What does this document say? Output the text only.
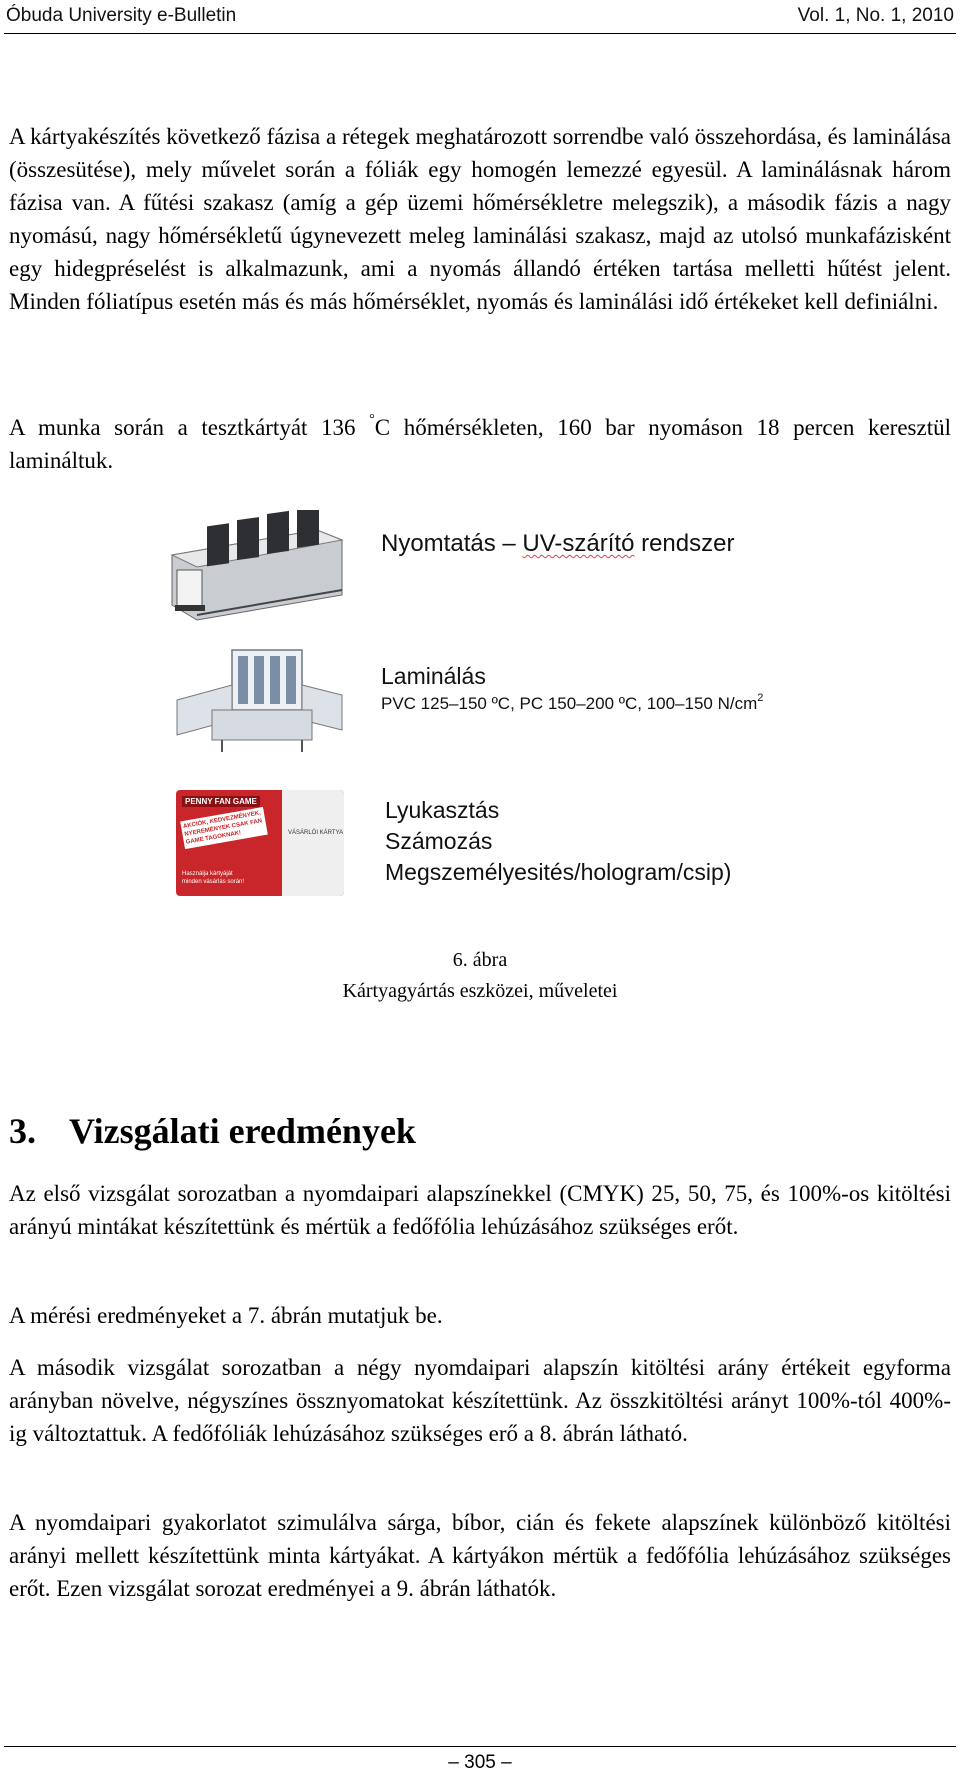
Óbuda University e‑Bulletin	Vol. 1, No. 1, 2010

A kártyakészítés következő fázisa a rétegek meghatározott sorrendbe való összehordása, és laminálása (összesütése), mely művelet során a fóliák egy homogén lemezzé egyesül. A laminálásnak három fázisa van. A fűtési szakasz (amíg a gép üzemi hőmérsékletre melegszik), a második fázis a nagy nyomású, nagy hőmérsékletű úgynevezett meleg laminálási szakasz, majd az utolsó munkafázisként egy hidegpréselést is alkalmazunk, ami a nyomás állandó értéken tartása melletti hűtést jelent. Minden fóliatípus esetén más és más hőmérséklet, nyomás és laminálási idő értékeket kell definiálni.

A munka során a tesztkártyát 136 °C hőmérsékleten, 160 bar nyomáson 18 percen keresztül lamináltuk.

Nyomtatás – UV-szárító rendszer
Laminálás
PVC 125–150 ºC, PC 150–200 ºC, 100–150 $N/cm^2$
PENNY FAN GAME
AKCIÓK, KEDVEZMÉNYEK, NYEREMÉNYEK CSAK FAN GAME TAGOKNAK!
Használja kártyáját minden vásárlás során!
VÁSÁRLÓI KÁRTYA
Lyukasztás
Számozás
Megszemélyesités/hologram/csip)
6. ábra
Kártyagyártás eszközei, műveletei
3. Vizsgálati eredmények

Az első vizsgálat sorozatban a nyomdaipari alapszínekkel (CMYK) 25, 50, 75, és 100%-os kitöltési arányú mintákat készítettünk és mértük a fedőfólia lehúzásához szükséges erőt.

A mérési eredményeket a 7. ábrán mutatjuk be.

A második vizsgálat sorozatban a négy nyomdaipari alapszín kitöltési arány értékeit egyforma arányban növelve, négyszínes össznyomatokat készítettünk. Az összkitöltési arányt 100%-tól 400%-ig változtattuk. A fedőfóliák lehúzásához szükséges erő a 8. ábrán látható.

A nyomdaipari gyakorlatot szimulálva sárga, bíbor, cián és fekete alapszínek különböző kitöltési arányi mellett készítettünk minta kártyákat. A kártyákon mértük a fedőfólia lehúzásához szükséges erőt. Ezen vizsgálat sorozat eredményei a 9. ábrán láthatók.

– 305 –
